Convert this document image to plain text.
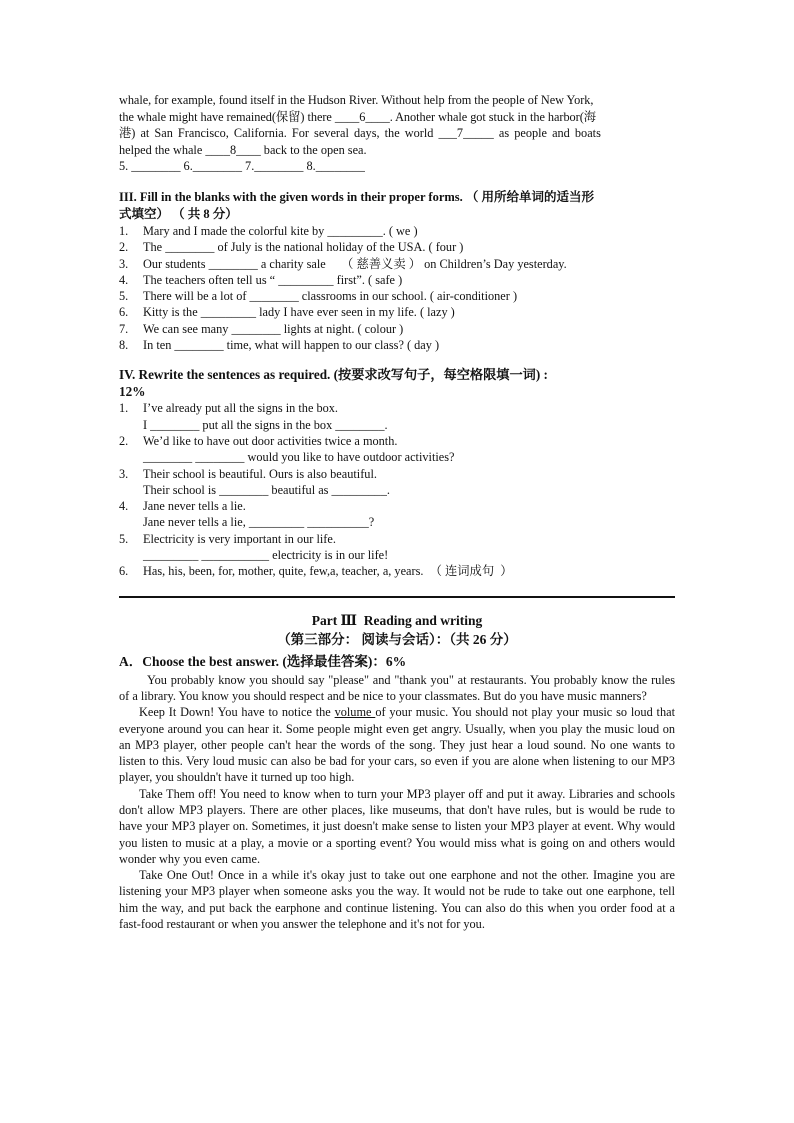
whale, for example, found itself in the Hudson River. Without help from the people of New York,

the whale might have remained(保留) there ____6____. Another whale got stuck in the harbor(海

港) at San Francisco, California. For several days, the world ___7_____ as people and boats

helped the whale ____8____ back to the open sea.

5. ________ 6.________ 7.________ 8.________

III. Fill in the blanks with the given words in their proper forms. （ 用所给单词的适当形

式填空） （ 共 8 分）

1.	Mary and I made the colorful kite by _________. ( we )
2.	The ________ of July is the national holiday of the USA. ( four )
3.	Our students ________ a charity sale     （ 慈善义卖 ） on Children’s Day yesterday.
4.	The teachers often tell us “ _________ first”. ( safe )
5.	There will be a lot of ________ classrooms in our school. ( air-conditioner )
6.	Kitty is the _________ lady I have ever seen in my life. ( lazy )
7.	We can see many ________ lights at night. ( colour )
8.	In ten ________ time, what will happen to our class? ( day )

IV. Rewrite the sentences as required. (按要求改写句子，每空格限填一词) :

12%

1.	I’ve already put all the signs in the box.
I ________ put all the signs in the box ________.
2.	We’d like to have out door activities twice a month.
________ ________ would you like to have outdoor activities?
3.	Their school is beautiful. Ours is also beautiful.
Their school is ________ beautiful as _________.
4.	Jane never tells a lie.
Jane never tells a lie, _________ __________?
5.	Electricity is very important in our life.
_________ ___________ electricity is in our life!
6.	Has, his, been, for, mother, quite, few,a, teacher, a, years.  （ 连词成句  ）
Part Ⅲ  Reading and writing
（第三部分： 阅读与会话）：（共 26 分）
A．Choose the best answer. (选择最佳答案)：6%

You probably know you should say "please" and "thank you" at restaurants. You probably know the rules of a library. You know you should respect and be nice to your classmates. But do you have music manners?

Keep It Down! You have to notice the volume of your music. You should not play your music so loud that everyone around you can hear it. Some people might even get angry. Usually, when you play the music loud on an MP3 player, other people can't hear the words of the song. They just hear a loud sound. No one wants to listen to this. Very loud music can also be bad for your cars, so even if you are alone when listening to our MP3 player, you shouldn't have it turned up too high.

Take Them off! You need to know when to turn your MP3 player off and put it away. Libraries and schools don't allow MP3 players. There are other places, like museums, that don't have rules, but is would be rude to have your MP3 player on. Sometimes, it just doesn't make sense to listen your MP3 player at event. Why would you listen to music at a play, a movie or a sporting event? You would miss what is going on and others would wonder why you even came.

Take One Out! Once in a while it's okay just to take out one earphone and not the other. Imagine you are listening your MP3 player when someone asks you the way. It would not be rude to take out one earphone, tell him the way, and put back the earphone and continue listening. You can also do this when you order food at a fast-food restaurant or when you answer the telephone and it's not for you.
